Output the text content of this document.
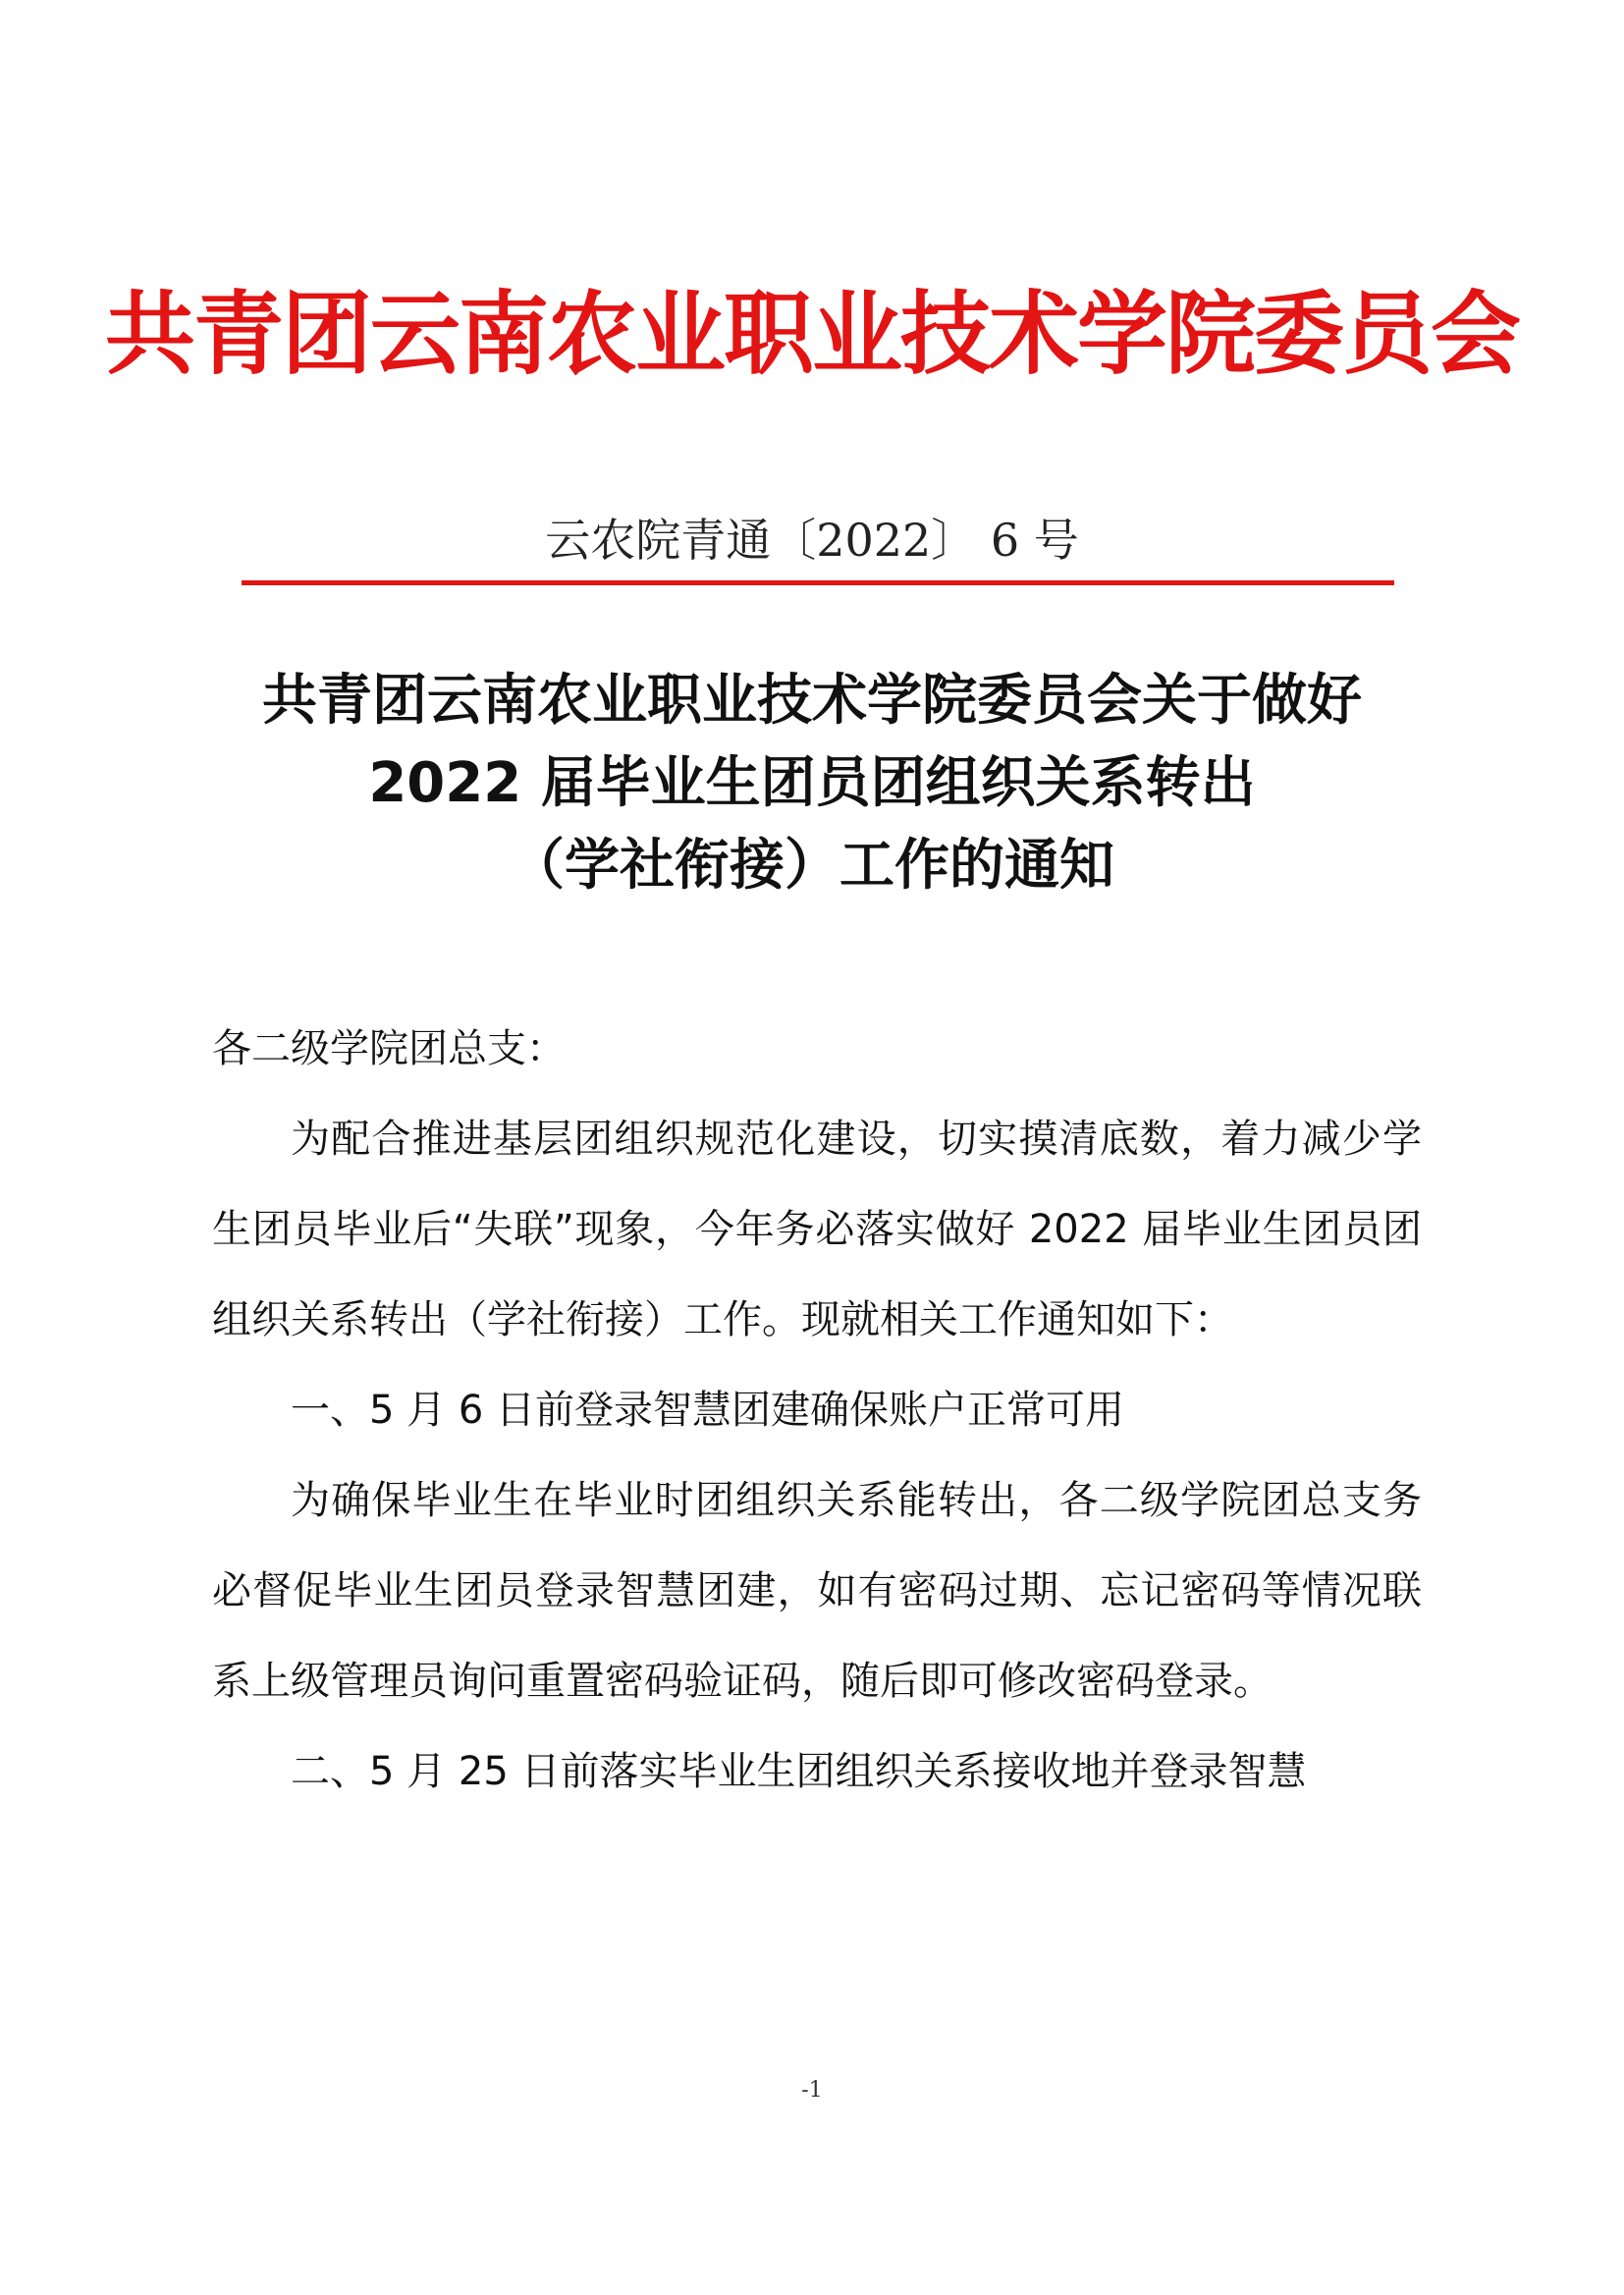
共青团云南农业职业技术学院委员会
云农院青通〔2022〕 6 号
共青团云南农业职业技术学院委员会关于做好
2022 届毕业生团员团组织关系转出
（学社衔接）工作的通知

各二级学院团总支：

为配合推进基层团组织规范化建设，切实摸清底数，着力减少学生团员毕业后“失联”现象，今年务必落实做好 2022 届毕业生团员团组织关系转出（学社衔接）工作。现就相关工作通知如下：

一、5 月 6 日前登录智慧团建确保账户正常可用

为确保毕业生在毕业时团组织关系能转出，各二级学院团总支务必督促毕业生团员登录智慧团建，如有密码过期、忘记密码等情况联系上级管理员询问重置密码验证码，随后即可修改密码登录。

二、5 月 25 日前落实毕业生团组织关系接收地并登录智慧

-1
